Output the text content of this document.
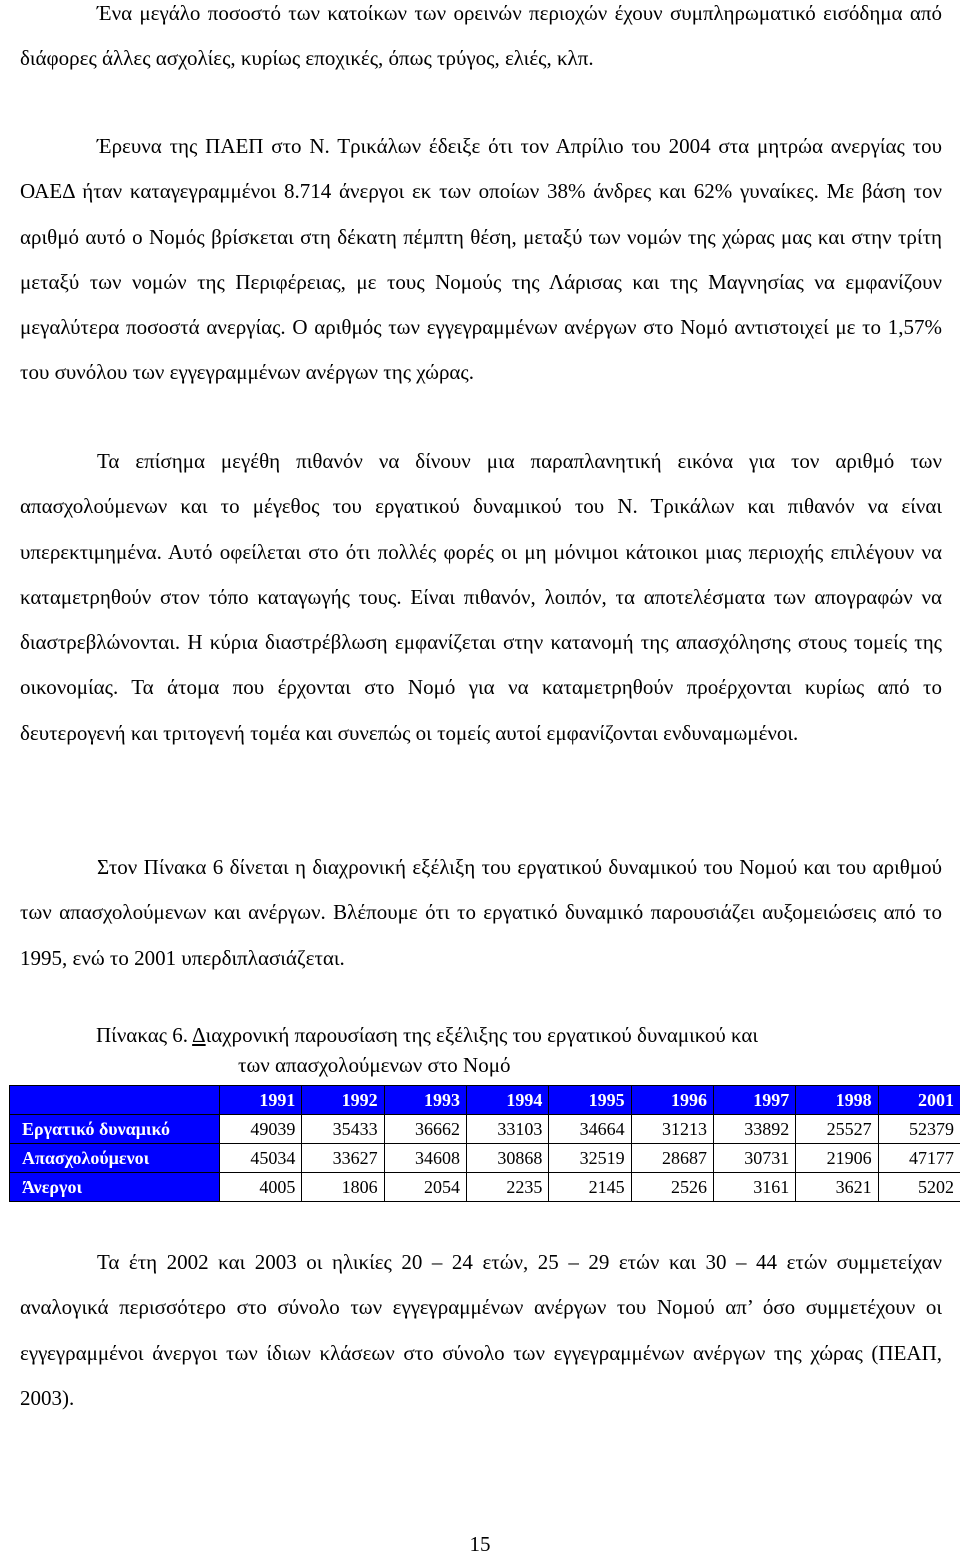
Ένα μεγάλο ποσοστό των κατοίκων των ορεινών περιοχών έχουν συμπληρωματικό εισόδημα από διάφορες άλλες ασχολίες, κυρίως εποχικές, όπως τρύγος, ελιές, κλπ.

Έρευνα της ΠΑΕΠ στο Ν. Τρικάλων έδειξε ότι τον Απρίλιο του 2004 στα μητρώα ανεργίας του ΟΑΕΔ ήταν καταγεγραμμένοι 8.714 άνεργοι εκ των οποίων 38% άνδρες και 62% γυναίκες. Με βάση τον αριθμό αυτό ο Νομός βρίσκεται στη δέκατη πέμπτη θέση, μεταξύ των νομών της χώρας μας και στην τρίτη μεταξύ των νομών της Περιφέρειας, με τους Νομούς της Λάρισας και της Μαγνησίας να εμφανίζουν μεγαλύτερα ποσοστά ανεργίας. Ο αριθμός των εγγεγραμμένων ανέργων στο Νομό αντιστοιχεί με το 1,57% του συνόλου των εγγεγραμμένων ανέργων της χώρας.

Τα επίσημα μεγέθη πιθανόν να δίνουν μια παραπλανητική εικόνα για τον αριθμό των απασχολούμενων και το μέγεθος του εργατικού δυναμικού του Ν. Τρικάλων και πιθανόν να είναι υπερεκτιμημένα. Αυτό οφείλεται στο ότι πολλές φορές οι μη μόνιμοι κάτοικοι μιας περιοχής επιλέγουν να καταμετρηθούν στον τόπο καταγωγής τους. Είναι πιθανόν, λοιπόν, τα αποτελέσματα των απογραφών να διαστρεβλώνονται. Η κύρια διαστρέβλωση εμφανίζεται στην κατανομή της απασχόλησης στους τομείς της οικονομίας. Τα άτομα που έρχονται στο Νομό για να καταμετρηθούν προέρχονται κυρίως από το δευτερογενή και τριτογενή τομέα και συνεπώς οι τομείς αυτοί εμφανίζονται ενδυναμωμένοι.

Στον Πίνακα 6 δίνεται η διαχρονική εξέλιξη του εργατικού δυναμικού του Νομού και του αριθμού των απασχολούμενων και ανέργων. Βλέπουμε ότι το εργατικό δυναμικό παρουσιάζει αυξομειώσεις από το 1995, ενώ το 2001 υπερδιπλασιάζεται.

Πίνακας 6. Διαχρονική παρουσίαση της εξέλιξης του εργατικού δυναμικού και
των απασχολούμενων στο Νομό
	1991	1992	1993	1994	1995	1996	1997	1998	2001
Εργατικό δυναμικό	49039	35433	36662	33103	34664	31213	33892	25527	52379
Απασχολούμενοι	45034	33627	34608	30868	32519	28687	30731	21906	47177
Άνεργοι	4005	1806	2054	2235	2145	2526	3161	3621	5202

Τα έτη 2002 και 2003 οι ηλικίες 20 – 24 ετών, 25 – 29 ετών και 30 – 44 ετών συμμετείχαν αναλογικά περισσότερο στο σύνολο των εγγεγραμμένων ανέργων του Νομού απ’ όσο συμμετέχουν οι εγγεγραμμένοι άνεργοι των ίδιων κλάσεων στο σύνολο των εγγεγραμμένων ανέργων της χώρας (ΠΕΑΠ, 2003).

15
